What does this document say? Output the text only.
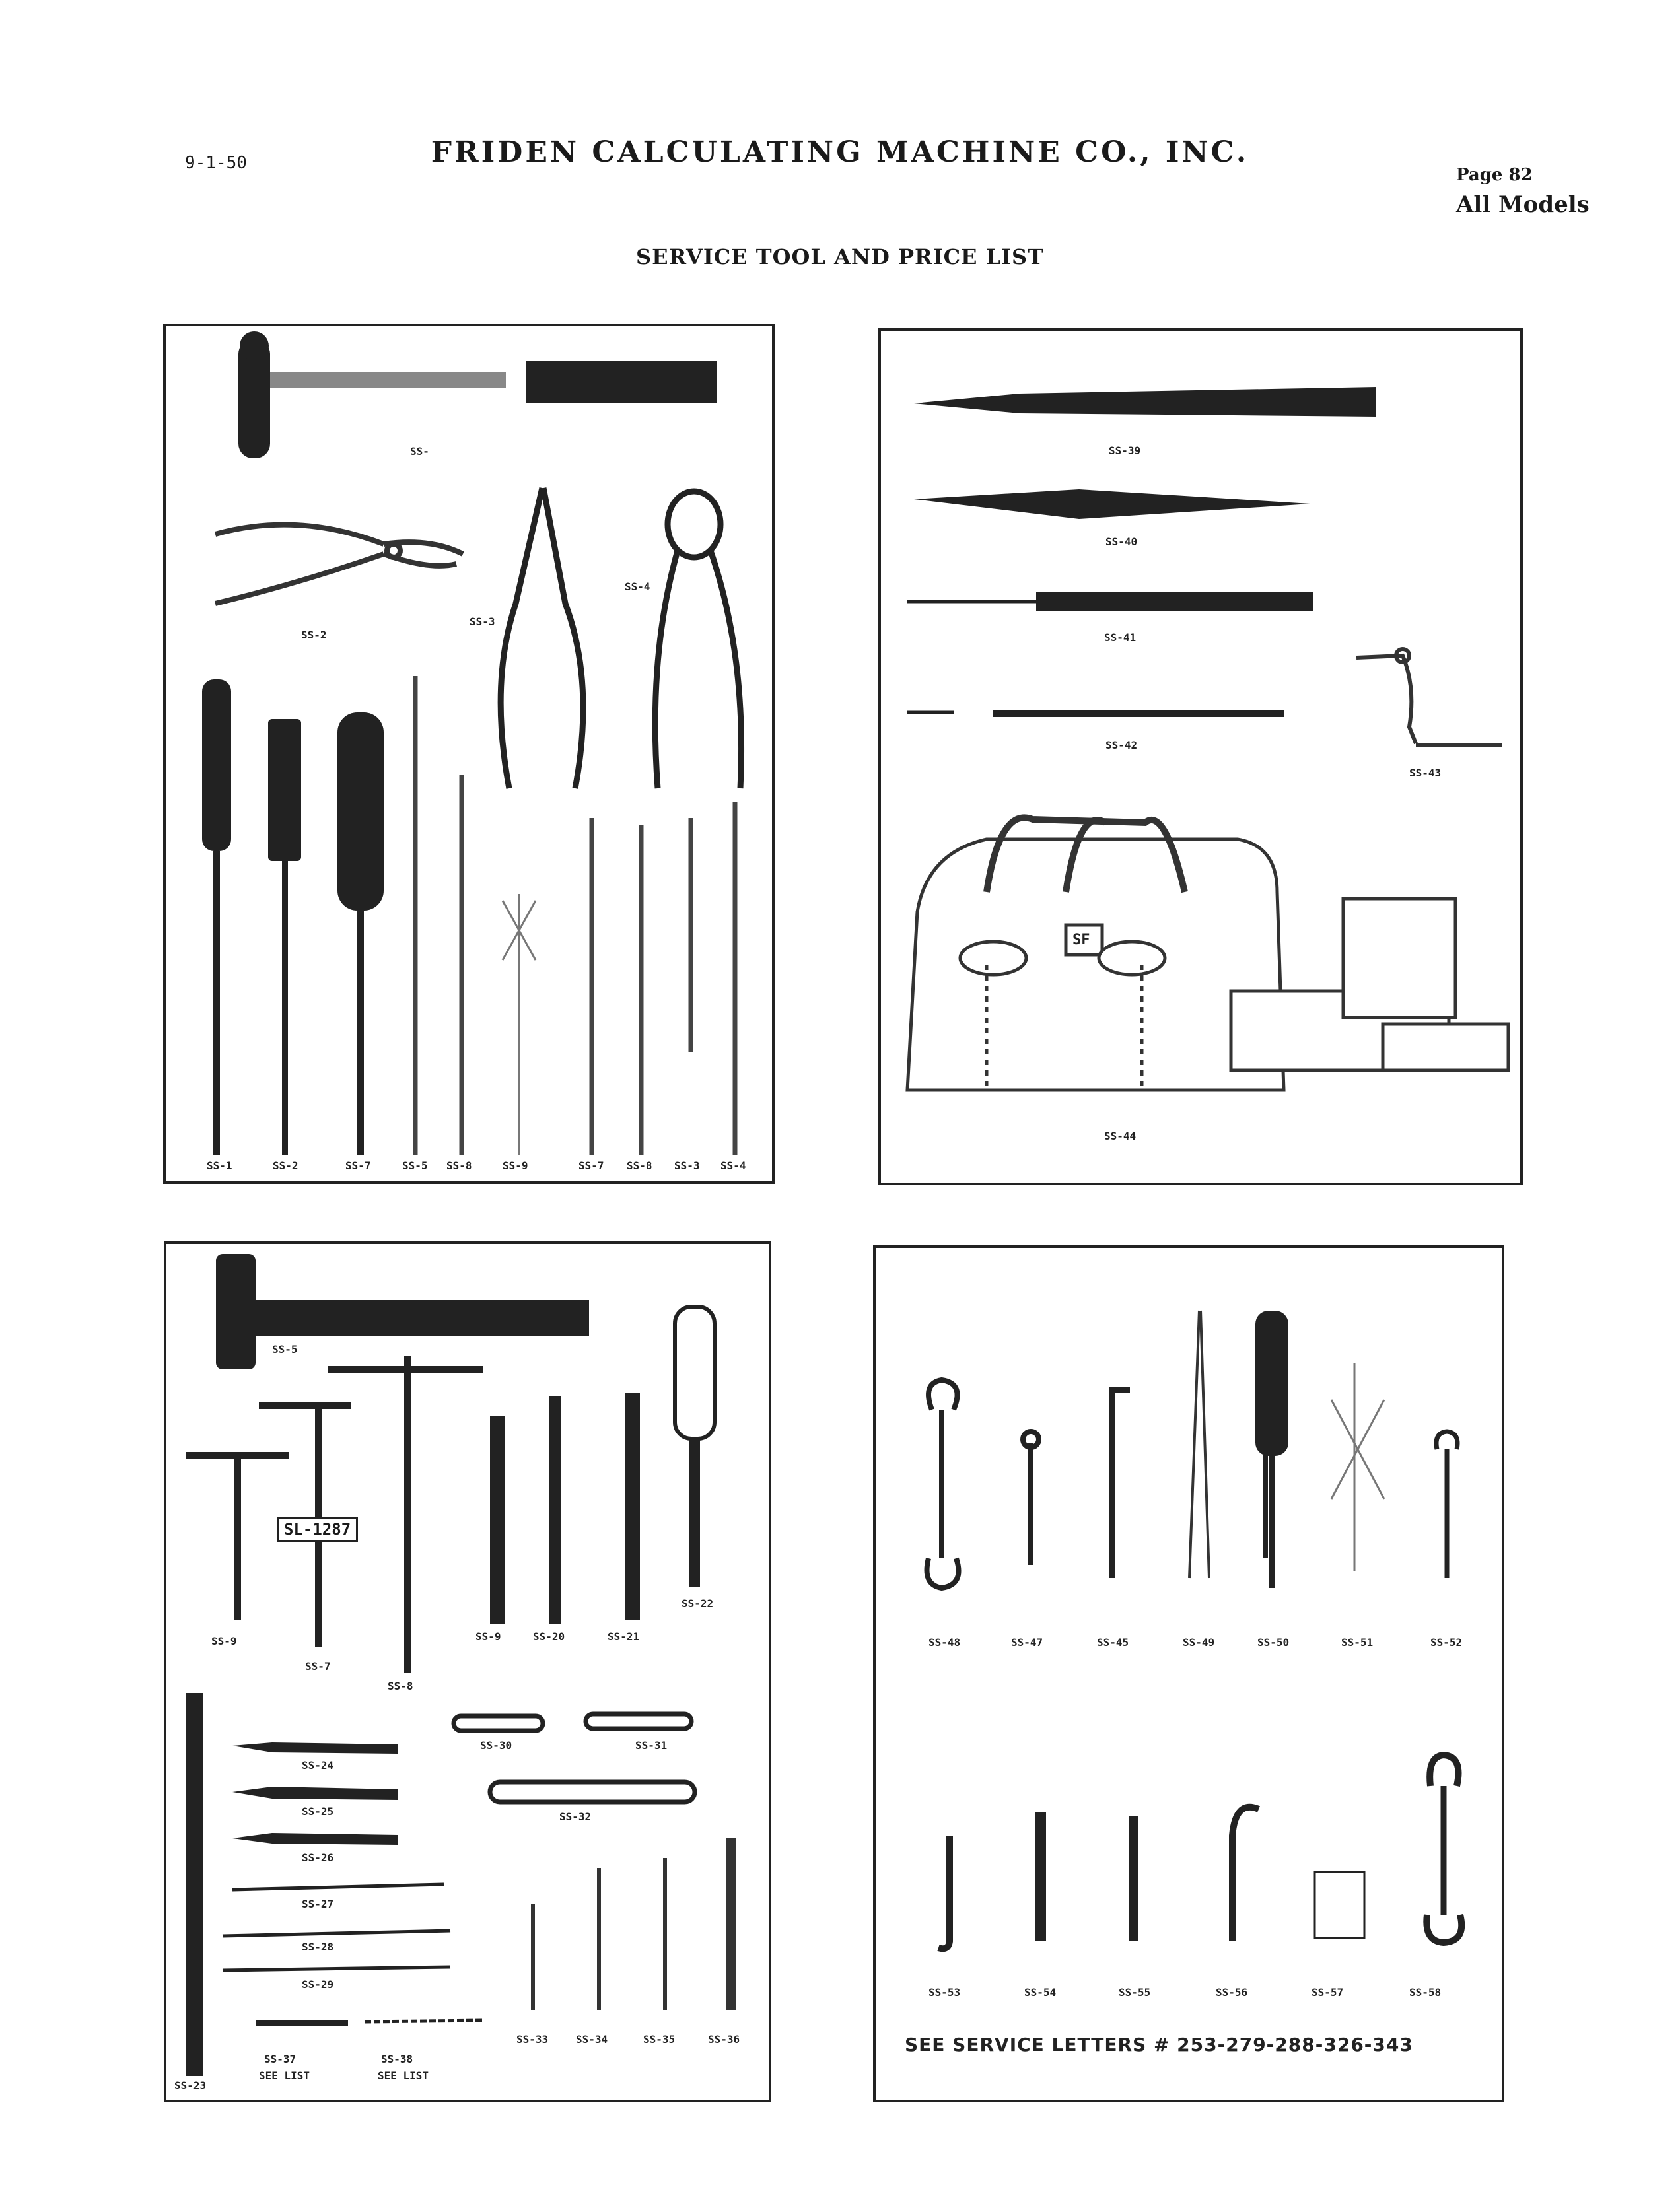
9-1-50	FRIDEN CALCULATING MACHINE CO., INC.
Page 82
All Models
SERVICE TOOL AND PRICE LIST
SS-
SS-2
SS-3
SS-4
SS-1	SS-2	SS-7	SS-5 SS-8	SS-9	SS-7 SS-8 SS-3 SS-4
SS-39
SS-40
SS-41
SS-42
SS-43
SS-44
SF
SL-1287
SS-5
SS-9
SS-7
SS-8
SS-9	SS-20	SS-21
SS-22
SS-24
SS-25
SS-26
SS-27
SS-28
SS-29
SS-30	SS-31
SS-32
SS-33	SS-34	SS-35	SS-36
SS-23
SS-37
SEE LIST
SS-38
SEE LIST
SS-48	SS-47	SS-45	SS-49	SS-50	SS-51	SS-52
SS-53	SS-54	SS-55	SS-56	SS-57	SS-58
SEE SERVICE LETTERS # 253-279-288-326-343
